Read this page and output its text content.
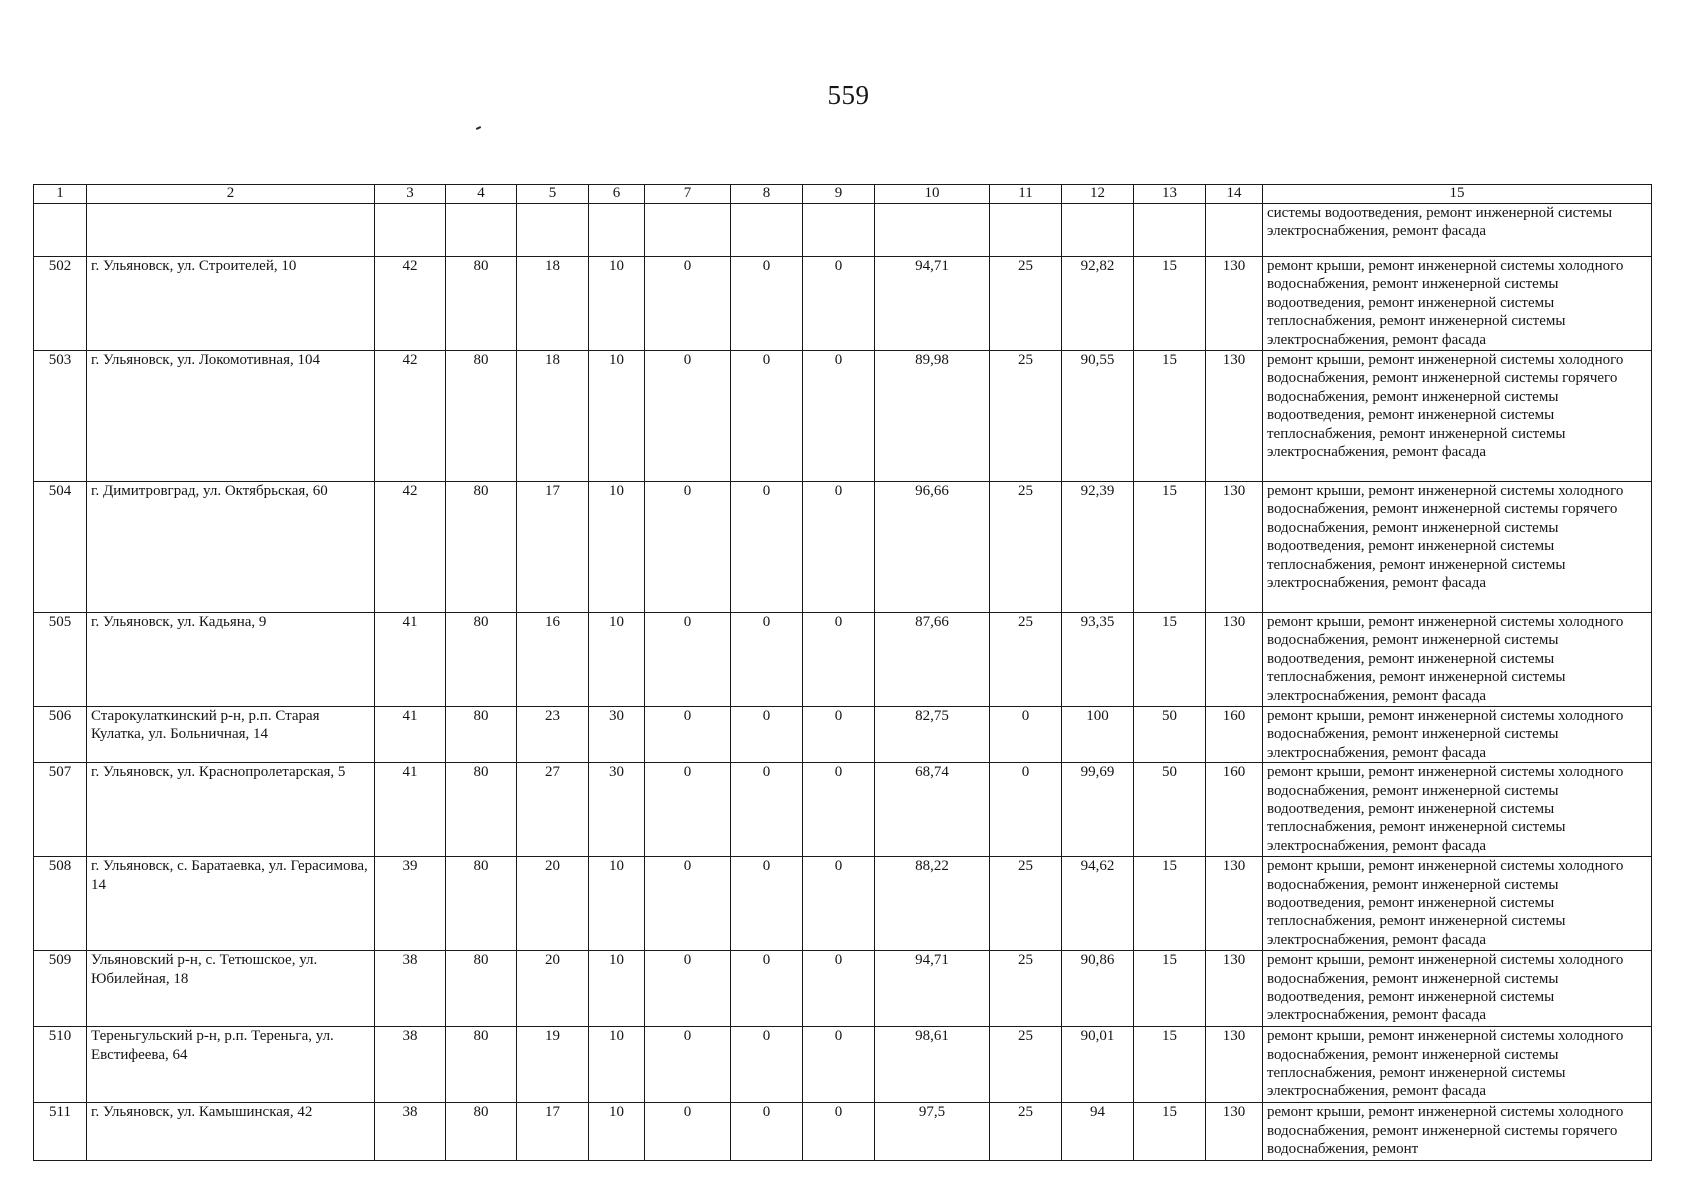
559
1	2	3	4	5	6	7	8	9	10	11	12	13	14	15
														системы водоотведения, ремонт инженерной системы электроснабжения, ремонт фасада
502	г. Ульяновск, ул. Строителей, 10	42	80	18	10	0	0	0	94,71	25	92,82	15	130	ремонт крыши, ремонт инженерной системы холодного водоснабжения, ремонт инженерной системы водоотведения, ремонт инженерной системы теплоснабжения, ремонт инженерной системы электроснабжения, ремонт фасада
503	г. Ульяновск, ул. Локомотивная, 104	42	80	18	10	0	0	0	89,98	25	90,55	15	130	ремонт крыши, ремонт инженерной системы холодного водоснабжения, ремонт инженерной системы горячего водоснабжения, ремонт инженерной системы водоотведения, ремонт инженерной системы теплоснабжения, ремонт инженерной системы электроснабжения, ремонт фасада
504	г. Димитровград, ул. Октябрьская, 60	42	80	17	10	0	0	0	96,66	25	92,39	15	130	ремонт крыши, ремонт инженерной системы холодного водоснабжения, ремонт инженерной системы горячего водоснабжения, ремонт инженерной системы водоотведения, ремонт инженерной системы теплоснабжения, ремонт инженерной системы электроснабжения, ремонт фасада
505	г. Ульяновск, ул. Кадьяна, 9	41	80	16	10	0	0	0	87,66	25	93,35	15	130	ремонт крыши, ремонт инженерной системы холодного водоснабжения, ремонт инженерной системы водоотведения, ремонт инженерной системы теплоснабжения, ремонт инженерной системы электроснабжения, ремонт фасада
506	Старокулаткинский р-н, р.п. Старая Кулатка, ул. Больничная, 14	41	80	23	30	0	0	0	82,75	0	100	50	160	ремонт крыши, ремонт инженерной системы холодного водоснабжения, ремонт инженерной системы электроснабжения, ремонт фасада
507	г. Ульяновск, ул. Краснопролетарская, 5	41	80	27	30	0	0	0	68,74	0	99,69	50	160	ремонт крыши, ремонт инженерной системы холодного водоснабжения, ремонт инженерной системы водоотведения, ремонт инженерной системы теплоснабжения, ремонт инженерной системы электроснабжения, ремонт фасада
508	г. Ульяновск, с. Баратаевка, ул. Герасимова, 14	39	80	20	10	0	0	0	88,22	25	94,62	15	130	ремонт крыши, ремонт инженерной системы холодного водоснабжения, ремонт инженерной системы водоотведения, ремонт инженерной системы теплоснабжения, ремонт инженерной системы электроснабжения, ремонт фасада
509	Ульяновский р-н, с. Тетюшское, ул. Юбилейная, 18	38	80	20	10	0	0	0	94,71	25	90,86	15	130	ремонт крыши, ремонт инженерной системы холодного водоснабжения, ремонт инженерной системы водоотведения, ремонт инженерной системы электроснабжения, ремонт фасада
510	Тереньгульский р-н, р.п. Тереньга, ул. Евстифеева, 64	38	80	19	10	0	0	0	98,61	25	90,01	15	130	ремонт крыши, ремонт инженерной системы холодного водоснабжения, ремонт инженерной системы теплоснабжения, ремонт инженерной системы электроснабжения, ремонт фасада
511	г. Ульяновск, ул. Камышинская, 42	38	80	17	10	0	0	0	97,5	25	94	15	130	ремонт крыши, ремонт инженерной системы холодного водоснабжения, ремонт инженерной системы горячего водоснабжения, ремонт
